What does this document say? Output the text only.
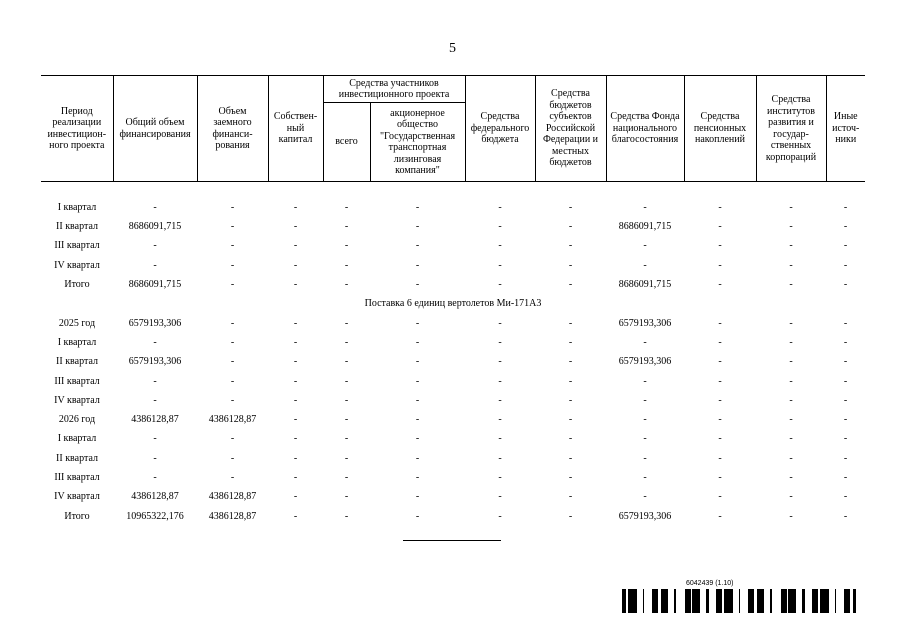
5
Период реализации инвестицион-ного проекта	Общий объем финансирования	Объем заемного финанси-рования	Собствен-ный капитал	Средства участников инвестиционного проекта		Средства федерального бюджета	Средства бюджетов субъектов Российской Федерации и местных бюджетов	Средства Фонда национального благосостояния	Средства пенсионных накоплений	Средства институтов развития и государ-ственных корпораций	Иные источ-ники
				всего	акционерное общество "Государственная транспортная лизинговая компания"						

I квартал	-	-	-	-	-	-	-	-	-	-	-
II квартал	8686091,715	-	-	-	-	-	-	8686091,715	-	-	-
III квартал	-	-	-	-	-	-	-	-	-	-	-
IV квартал	-	-	-	-	-	-	-	-	-	-	-
Итого	8686091,715	-	-	-	-	-	-	8686091,715	-	-	-
Поставка 6 единиц вертолетов Ми-171А3											
2025 год	6579193,306	-	-	-	-	-	-	6579193,306	-	-	-
I квартал	-	-	-	-	-	-	-	-	-	-	-
II квартал	6579193,306	-	-	-	-	-	-	6579193,306	-	-	-
III квартал	-	-	-	-	-	-	-	-	-	-	-
IV квартал	-	-	-	-	-	-	-	-	-	-	-
2026 год	4386128,87	4386128,87	-	-	-	-	-	-	-	-	-
I квартал	-	-	-	-	-	-	-	-	-	-	-
II квартал	-	-	-	-	-	-	-	-	-	-	-
III квартал	-	-	-	-	-	-	-	-	-	-	-
IV квартал	4386128,87	4386128,87	-	-	-	-	-	-	-	-	-
Итого	10965322,176	4386128,87	-	-	-	-	-	6579193,306	-	-	-
6042439 (1.10)
